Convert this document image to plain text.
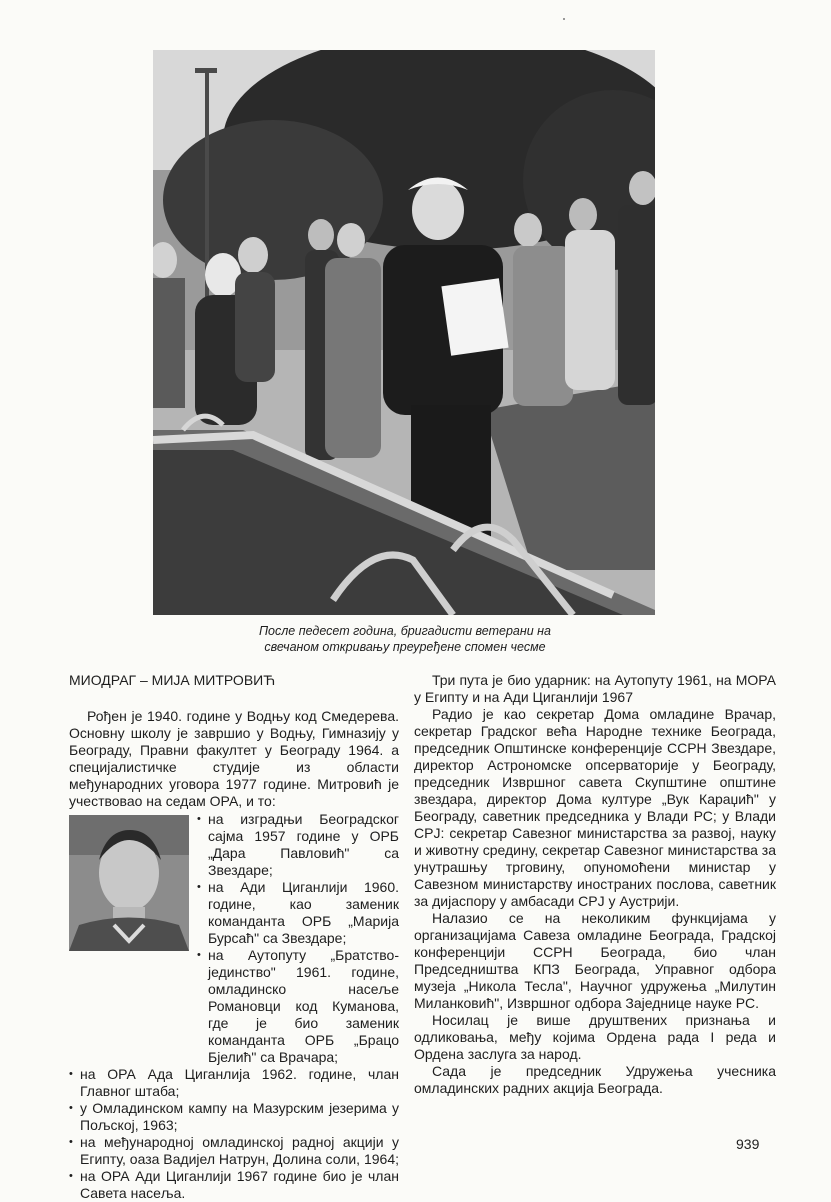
После педесет година, бригадисти ветерани на
свечаном откривању преуређене спомен чесме
МИОДРАГ – МИЈА МИТРОВИЋ

Рођен је 1940. године у Водњу код Смедерева. Основну школу је завршио у Водњу, Гимназију у Београду, Правни факултет у Београду 1964. а специјалистичке студије из области међународних уговора 1977 године. Митровић је учествовао на седам ОРА, и то:

• на изградњи Београдског сајма 1957 године у ОРБ „Дара Павловић" са Звездаре;
• на Ади Циганлији 1960. године, као заменик команданта ОРБ „Марија Бурсаћ" са Звездаре;
• на Аутопуту „Братство-јединство" 1961. године, омладинско насеље Романовци код Куманова, где је био заменик команданта ОРБ „Брацо Бјелић" са Врачара;
• на ОРА Ада Циганлија 1962. године, члан Главног штаба;
• у Омладинском кампу на Мазурским језерима у Пољској, 1963;
• на међународној омладинској радној акцији у Египту, оаза Вадијел Натрун, Долина соли, 1964;
• на ОРА Ади Циганлији 1967 године био је члан Савета насеља.

Три пута је био ударник: на Аутопуту 1961, на МОРА у Египту и на Ади Циганлији 1967

Радио је као секретар Дома омладине Врачар, секретар Градског већа Народне технике Београда, председник Општинске конференције ССРН Звездаре, директор Астрономске опсерваторије у Београду, председник Извршног савета Скупштине општине звездара, директор Дома културе „Вук Караџић" у Београду, саветник председника у Влади РС; у Влади СРЈ: секретар Савезног министарства за развој, науку и животну средину, секретар Савезног министарства за унутрашњу трговину, опуномоћени министар у Савезном министарству иностраних послова, саветник за дијаспору у амбасади СРЈ у Аустрији.

Налазио се на неколиким функцијама у организацијама Савеза омладине Београда, Градској конференцији ССРН Београда, био члан Председништва КПЗ Београда, Управног одбора музеја „Никола Тесла", Научног удружења „Милутин Миланковић", Извршног одбора Заједнице науке РС.

Носилац је више друштвених признања и одликовања, међу којима Ордена рада I реда и Ордена заслуга за народ.

Сада је председник Удружења учесника омладинских радних акција Београда.

939
